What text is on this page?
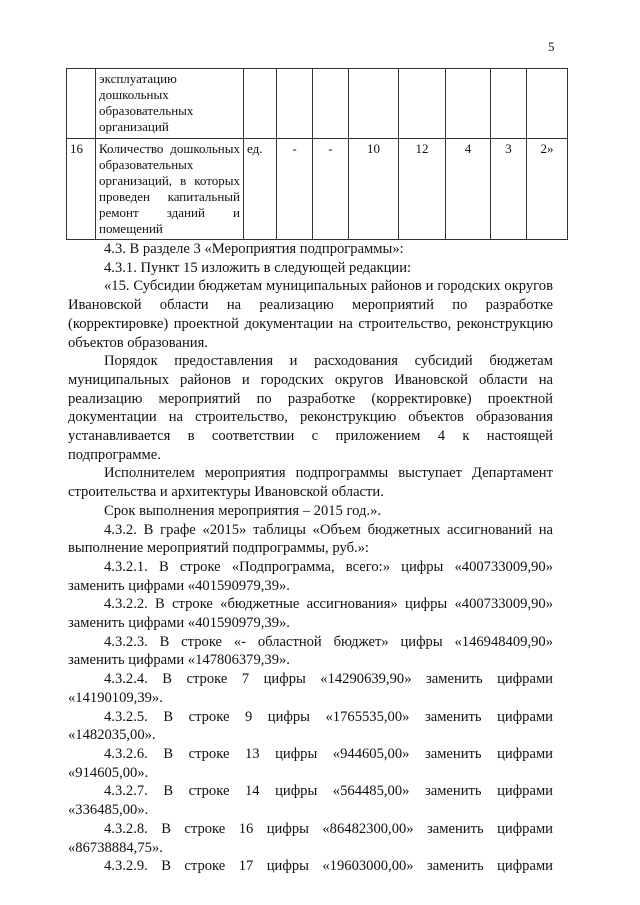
5
	эксплуатацию дошкольных образовательных организаций								
16	Количество дошкольных образовательных организаций, в которых проведен капитальный ремонт зданий и помещений	ед.	-	-	10	12	4	3	2»

4.3. В разделе 3 «Мероприятия подпрограммы»:

4.3.1. Пункт 15 изложить в следующей редакции:

«15. Субсидии бюджетам муниципальных районов и городских округов Ивановской области на реализацию мероприятий по разработке (корректировке) проектной документации на строительство, реконструкцию объектов образования.

Порядок предоставления и расходования субсидий бюджетам муниципальных районов и городских округов Ивановской области на реализацию мероприятий по разработке (корректировке) проектной документации на строительство, реконструкцию объектов образования устанавливается в соответствии с приложением 4 к настоящей подпрограмме.

Исполнителем мероприятия подпрограммы выступает Департамент строительства и архитектуры Ивановской области.

Срок выполнения мероприятия – 2015 год.».

4.3.2. В графе «2015» таблицы «Объем бюджетных ассигнований на выполнение мероприятий подпрограммы, руб.»:

4.3.2.1. В строке «Подпрограмма, всего:» цифры «400733009,90» заменить цифрами «401590979,39».

4.3.2.2. В строке «бюджетные ассигнования» цифры «400733009,90» заменить цифрами «401590979,39».

4.3.2.3. В строке «- областной бюджет» цифры «146948409,90» заменить цифрами «147806379,39».

4.3.2.4. В строке 7 цифры «14290639,90» заменить цифрами «14190109,39».

4.3.2.5. В строке 9 цифры «1765535,00» заменить цифрами «1482035,00».

4.3.2.6. В строке 13 цифры «944605,00» заменить цифрами «914605,00».

4.3.2.7. В строке 14 цифры «564485,00» заменить цифрами «336485,00».

4.3.2.8. В строке 16 цифры «86482300,00» заменить цифрами «86738884,75».

4.3.2.9. В строке 17 цифры «19603000,00» заменить цифрами
